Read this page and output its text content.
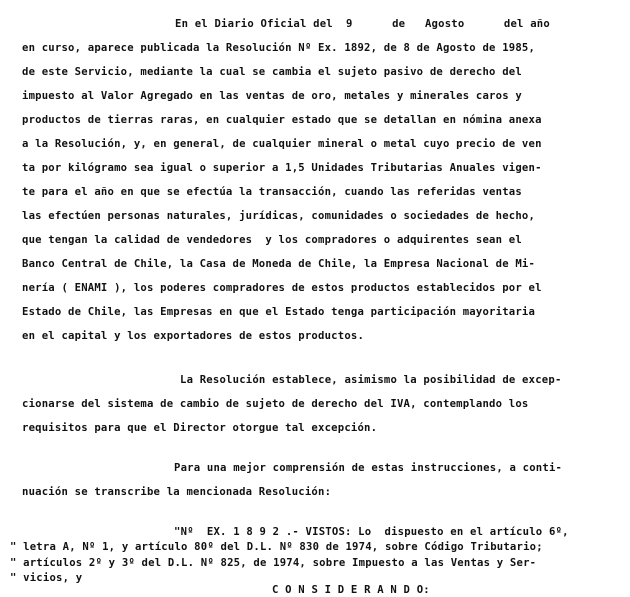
En el Diario Oficial del  9      de   Agosto      del año
en curso, aparece publicada la Resolución Nº Ex. 1892, de 8 de Agosto de 1985,
de este Servicio, mediante la cual se cambia el sujeto pasivo de derecho del
impuesto al Valor Agregado en las ventas de oro, metales y minerales caros y
productos de tierras raras, en cualquier estado que se detallan en nómina anexa
a la Resolución, y, en general, de cualquier mineral o metal cuyo precio de ven
ta por kilógramo sea igual o superior a 1,5 Unidades Tributarias Anuales vigen-
te para el año en que se efectúa la transacción, cuando las referidas ventas
las efectúen personas naturales, jurídicas, comunidades o sociedades de hecho,
que tengan la calidad de vendedores  y los compradores o adquirentes sean el
Banco Central de Chile, la Casa de Moneda de Chile, la Empresa Nacional de Mi-
nería ( ENAMI ), los poderes compradores de estos productos establecidos por el
Estado de Chile, las Empresas en que el Estado tenga participación mayoritaria
en el capital y los exportadores de estos productos.
La Resolución establece, asimismo la posibilidad de excep-
cionarse del sistema de cambio de sujeto de derecho del IVA, contemplando los
requisitos para que el Director otorgue tal excepción.
Para una mejor comprensión de estas instrucciones, a conti-
nuación se transcribe la mencionada Resolución:
"Nº  EX. 1 8 9 2 .- VISTOS: Lo  dispuesto en el artículo 6º,
" letra A, Nº 1, y artículo 80º del D.L. Nº 830 de 1974, sobre Código Tributario;
" artículos 2º y 3º del D.L. Nº 825, de 1974, sobre Impuesto a las Ventas y Ser-
" vicios, y
C O N S I D E R A N D O:
